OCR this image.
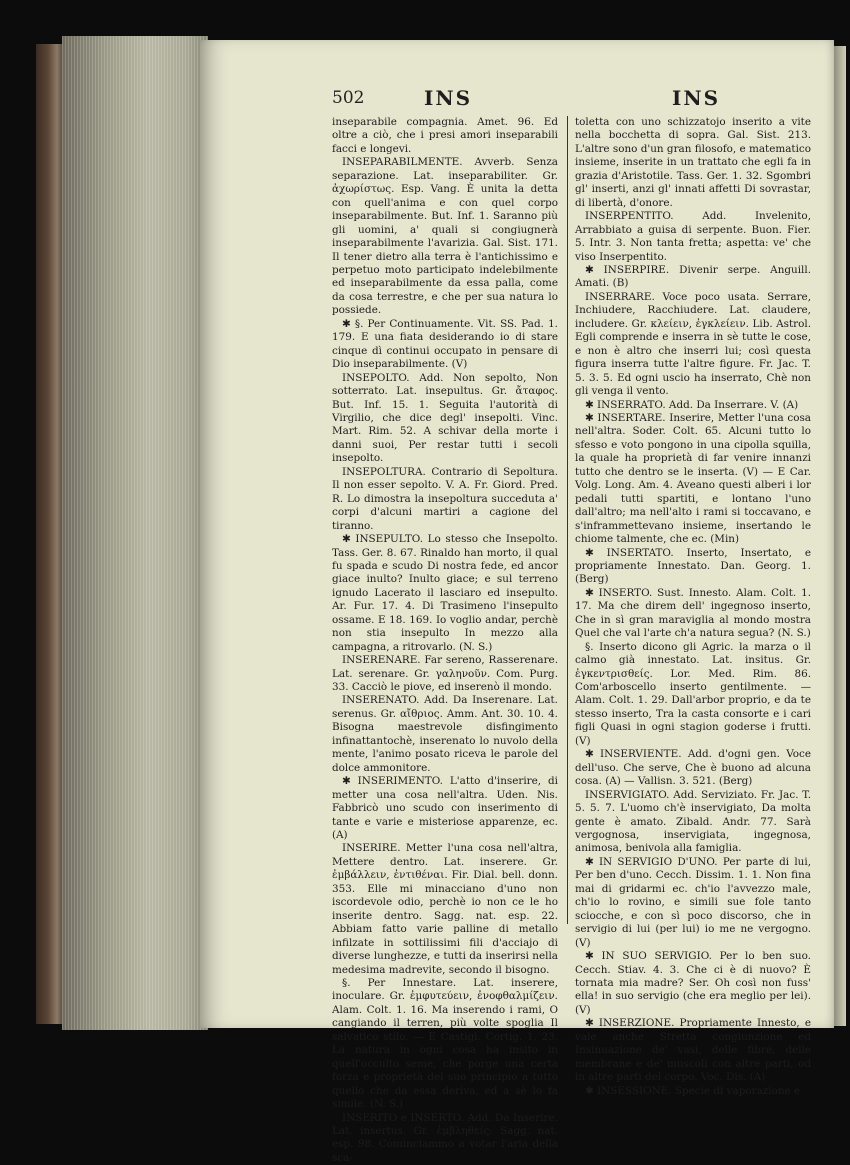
502	INS	INS

inseparabile compagnia. Amet. 96. Ed oltre a ciò, che i presi amori inseparabili facci e longevi.

INSEPARABILMENTE. Avverb. Senza separazione. Lat. inseparabiliter. Gr. ἀχωρίστως. Esp. Vang. È unita la detta con quell'anima e con quel corpo inseparabilmente. But. Inf. 1. Saranno più gli uomini, a' quali si congiugnerà inseparabilmente l'avarizia. Gal. Sist. 171. Il tener dietro alla terra è l'antichissimo e perpetuo moto participato indelebilmente ed inseparabilmente da essa palla, come da cosa terrestre, e che per sua natura lo possiede.

✱ §. Per Continuamente. Vit. SS. Pad. 1. 179. E una fiata desiderando io di stare cinque dì continui occupato in pensare di Dio inseparabilmente. (V)

INSEPOLTO. Add. Non sepolto, Non sotterrato. Lat. insepultus. Gr. ἄταφος. But. Inf. 15. 1. Seguita l'autorità di Virgilio, che dice degl' insepolti. Vinc. Mart. Rim. 52. A schivar della morte i danni suoi, Per restar tutti i secoli insepolto.

INSEPOLTURA. Contrario di Sepoltura. Il non esser sepolto. V. A. Fr. Giord. Pred. R. Lo dimostra la insepoltura succeduta a' corpi d'alcuni martiri a cagione del tiranno.

✱ INSEPULTO. Lo stesso che Insepolto. Tass. Ger. 8. 67. Rinaldo han morto, il qual fu spada e scudo Di nostra fede, ed ancor giace inulto? Inulto giace; e sul terreno ignudo Lacerato il lasciaro ed insepulto. Ar. Fur. 17. 4. Di Trasimeno l'insepulto ossame. E 18. 169. Io voglio andar, perchè non stia insepulto In mezzo alla campagna, a ritrovarlo. (N. S.)

INSERENARE. Far sereno, Rasserenare. Lat. serenare. Gr. γαληνοῦν. Com. Purg. 33. Cacciò le piove, ed inserenò il mondo.

INSERENATO. Add. Da Inserenare. Lat. serenus. Gr. αἴθριος. Amm. Ant. 30. 10. 4. Bisogna maestrevole disfingimento infinattantochè, inserenato lo nuvolo della mente, l'animo posato riceva le parole del dolce ammonitore.

✱ INSERIMENTO. L'atto d'inserire, di metter una cosa nell'altra. Uden. Nis. Fabbricò uno scudo con inserimento di tante e varie e misteriose apparenze, ec. (A)

INSERIRE. Metter l'una cosa nell'altra, Mettere dentro. Lat. inserere. Gr. ἐμβάλλειν, ἐντιθέναι. Fir. Dial. bell. donn. 353. Elle mi minacciano d'uno non iscordevole odio, perchè io non ce le ho inserite dentro. Sagg. nat. esp. 22. Abbiam fatto varie palline di metallo infilzate in sottilissimi fili d'acciajo di diverse lunghezze, e tutti da inserirsi nella medesima madrevite, secondo il bisogno.

§. Per Innestare. Lat. inserere, inoculare. Gr. ἐμφυτεύειν, ἐνοφθαλμίζειν. Alam. Colt. 1. 16. Ma inserendo i rami, O cangiando il terren, più volte spoglia Il salvatico stilo. — E Castigl. Cortig. 1. 23. La natura in ogni cosa ha insito in quell'occulto seme, che porge una certa forza e proprietà del suo principio a tutto quello che da essa deriva, ed a sè lo fa simile. (N. S.)

INSERITO e INSERTO. Add. Da Inserire. Lat. insertus. Gr. ἐμβληθείς. Sagg. nat. esp. 98. Cominciammo a votar l'aria della sca-

toletta con uno schizzatojo inserito a vite nella bocchetta di sopra. Gal. Sist. 213. L'altre sono d'un gran filosofo, e matematico insieme, inserite in un trattato che egli fa in grazia d'Aristotile. Tass. Ger. 1. 32. Sgombri gl' inserti, anzi gl' innati affetti Di sovrastar, di libertà, d'onore.

INSERPENTITO. Add. Invelenito, Arrabbiato a guisa di serpente. Buon. Fier. 5. Intr. 3. Non tanta fretta; aspetta: ve' che viso Inserpentito.

✱ INSERPIRE. Divenir serpe. Anguill. Amati. (B)

INSERRARE. Voce poco usata. Serrare, Inchiudere, Racchiudere. Lat. claudere, includere. Gr. κλείειν, ἐγκλείειν. Lib. Astrol. Egli comprende e inserra in sè tutte le cose, e non è altro che inserri lui; così questa figura inserra tutte l'altre figure. Fr. Jac. T. 5. 3. 5. Ed ogni uscio ha inserrato, Chè non gli venga il vento.

✱ INSERRATO. Add. Da Inserrare. V. (A)

✱ INSERTARE. Inserire, Metter l'una cosa nell'altra. Soder. Colt. 65. Alcuni tutto lo sfesso e voto pongono in una cipolla squilla, la quale ha proprietà di far venire innanzi tutto che dentro se le inserta. (V) — E Car. Volg. Long. Am. 4. Aveano questi alberi i lor pedali tutti spartiti, e lontano l'uno dall'altro; ma nell'alto i rami si toccavano, e s'inframmettevano insieme, insertando le chiome talmente, che ec. (Min)

✱ INSERTATO. Inserto, Insertato, e propriamente Innestato. Dan. Georg. 1. (Berg)

✱ INSERTO. Sust. Innesto. Alam. Colt. 1. 17. Ma che direm dell' ingegnoso inserto, Che in sì gran maraviglia al mondo mostra Quel che val l'arte ch'a natura segua? (N. S.)

§. Inserto dicono gli Agric. la marza o il calmo già innestato. Lat. insitus. Gr. ἐγκεντρισθείς. Lor. Med. Rim. 86. Com'arboscello inserto gentilmente. — Alam. Colt. 1. 29. Dall'arbor proprio, e da te stesso inserto, Tra la casta consorte e i cari figli Quasi in ogni stagion goderse i frutti. (V)

✱ INSERVIENTE. Add. d'ogni gen. Voce dell'uso. Che serve, Che è buono ad alcuna cosa. (A) — Vallisn. 3. 521. (Berg)

INSERVIGIATO. Add. Serviziato. Fr. Jac. T. 5. 5. 7. L'uomo ch'è inservigiato, Da molta gente è amato. Zibald. Andr. 77. Sarà vergognosa, inservigiata, ingegnosa, animosa, benivola alla famiglia.

✱ IN SERVIGIO D'UNO. Per parte di lui, Per ben d'uno. Cecch. Dissim. 1. 1. Non fina mai di gridarmi ec. ch'io l'avvezzo male, ch'io lo rovino, e simili sue fole tanto sciocche, e con sì poco discorso, che in servigio di lui (per lui) io me ne vergogno. (V)

✱ IN SUO SERVIGIO. Per lo ben suo. Cecch. Stiav. 4. 3. Che ci è di nuovo? È tornata mia madre? Ser. Oh così non fuss' ella! in suo servigio (che era meglio per lei). (V)

✱ INSERZIONE. Propriamente Innesto, e vale anche Stretta congiunzione ed Insinuazione de' vasi, delle fibre, delle membrane e de' muscoli con altre parti, od in altre parti del corpo. Voc. Dis. (A)

✱ INSESSIONE. Specie di vaporazione e
